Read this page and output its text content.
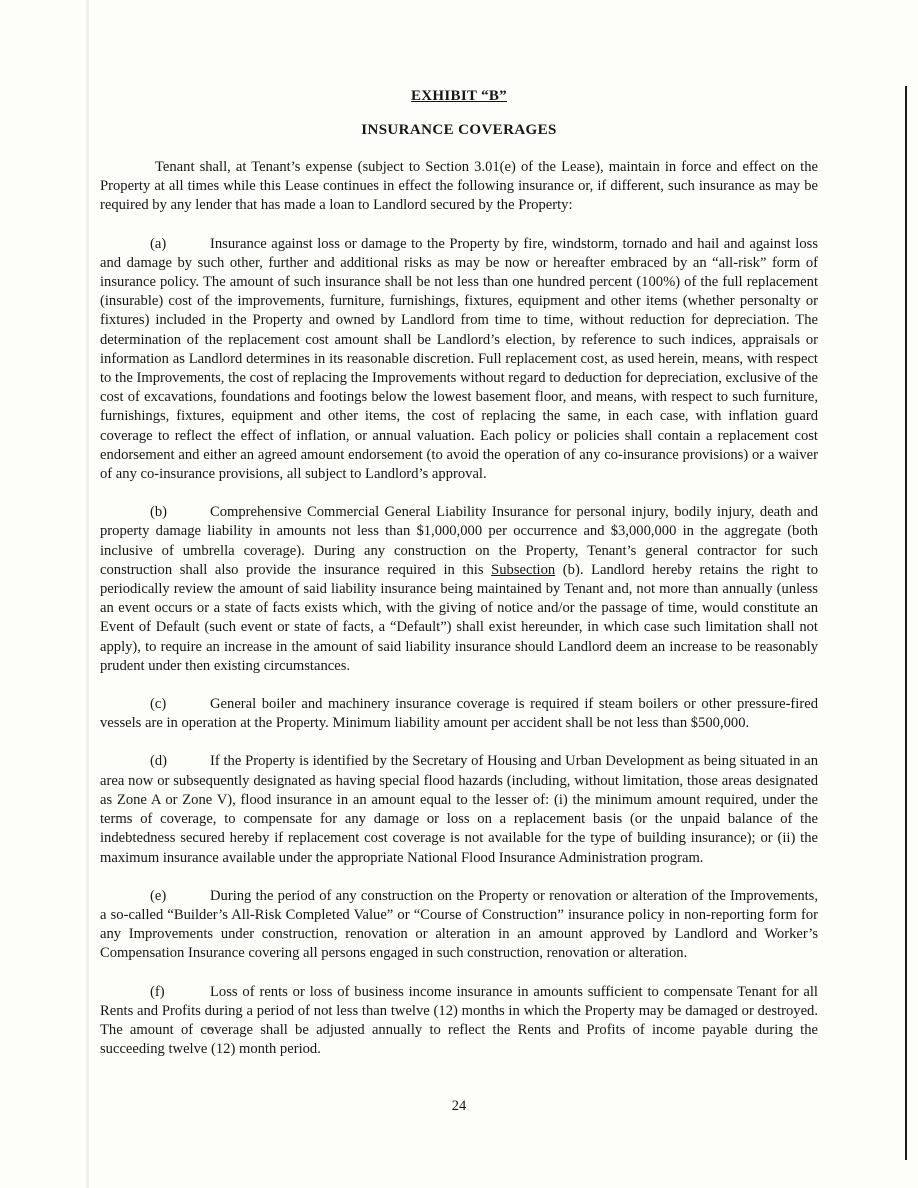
EXHIBIT “B”
INSURANCE COVERAGES

Tenant shall, at Tenant’s expense (subject to Section 3.01(e) of the Lease), maintain in force and effect on the Property at all times while this Lease continues in effect the following insurance or, if different, such insurance as may be required by any lender that has made a loan to Landlord secured by the Property:

(a)	Insurance against loss or damage to the Property by fire, windstorm, tornado and hail and against loss and damage by such other, further and additional risks as may be now or hereafter embraced by an “all-risk” form of insurance policy. The amount of such insurance shall be not less than one hundred percent (100%) of the full replacement (insurable) cost of the improvements, furniture, furnishings, fixtures, equipment and other items (whether personalty or fixtures) included in the Property and owned by Landlord from time to time, without reduction for depreciation. The determination of the replacement cost amount shall be Landlord’s election, by reference to such indices, appraisals or information as Landlord determines in its reasonable discretion. Full replacement cost, as used herein, means, with respect to the Improvements, the cost of replacing the Improvements without regard to deduction for depreciation, exclusive of the cost of excavations, foundations and footings below the lowest basement floor, and means, with respect to such furniture, furnishings, fixtures, equipment and other items, the cost of replacing the same, in each case, with inflation guard coverage to reflect the effect of inflation, or annual valuation. Each policy or policies shall contain a replacement cost endorsement and either an agreed amount endorsement (to avoid the operation of any co-insurance provisions) or a waiver of any co-insurance provisions, all subject to Landlord’s approval.

(b)	Comprehensive Commercial General Liability Insurance for personal injury, bodily injury, death and property damage liability in amounts not less than $1,000,000 per occurrence and $3,000,000 in the aggregate (both inclusive of umbrella coverage). During any construction on the Property, Tenant’s general contractor for such construction shall also provide the insurance required in this Subsection (b). Landlord hereby retains the right to periodically review the amount of said liability insurance being maintained by Tenant and, not more than annually (unless an event occurs or a state of facts exists which, with the giving of notice and/or the passage of time, would constitute an Event of Default (such event or state of facts, a “Default”) shall exist hereunder, in which case such limitation shall not apply), to require an increase in the amount of said liability insurance should Landlord deem an increase to be reasonably prudent under then existing circumstances.

(c)	General boiler and machinery insurance coverage is required if steam boilers or other pressure-fired vessels are in operation at the Property. Minimum liability amount per accident shall be not less than $500,000.

(d)	If the Property is identified by the Secretary of Housing and Urban Development as being situated in an area now or subsequently designated as having special flood hazards (including, without limitation, those areas designated as Zone A or Zone V), flood insurance in an amount equal to the lesser of: (i) the minimum amount required, under the terms of coverage, to compensate for any damage or loss on a replacement basis (or the unpaid balance of the indebtedness secured hereby if replacement cost coverage is not available for the type of building insurance); or (ii) the maximum insurance available under the appropriate National Flood Insurance Administration program.

(e)	During the period of any construction on the Property or renovation or alteration of the Improvements, a so-called “Builder’s All-Risk Completed Value” or “Course of Construction” insurance policy in non-reporting form for any Improvements under construction, renovation or alteration in an amount approved by Landlord and Worker’s Compensation Insurance covering all persons engaged in such construction, renovation or alteration.

(f)	Loss of rents or loss of business income insurance in amounts sufficient to compensate Tenant for all Rents and Profits during a period of not less than twelve (12) months in which the Property may be damaged or destroyed. The amount of coverage shall be adjusted annually to reflect the Rents and Profits of income payable during the succeeding twelve (12) month period.

24
